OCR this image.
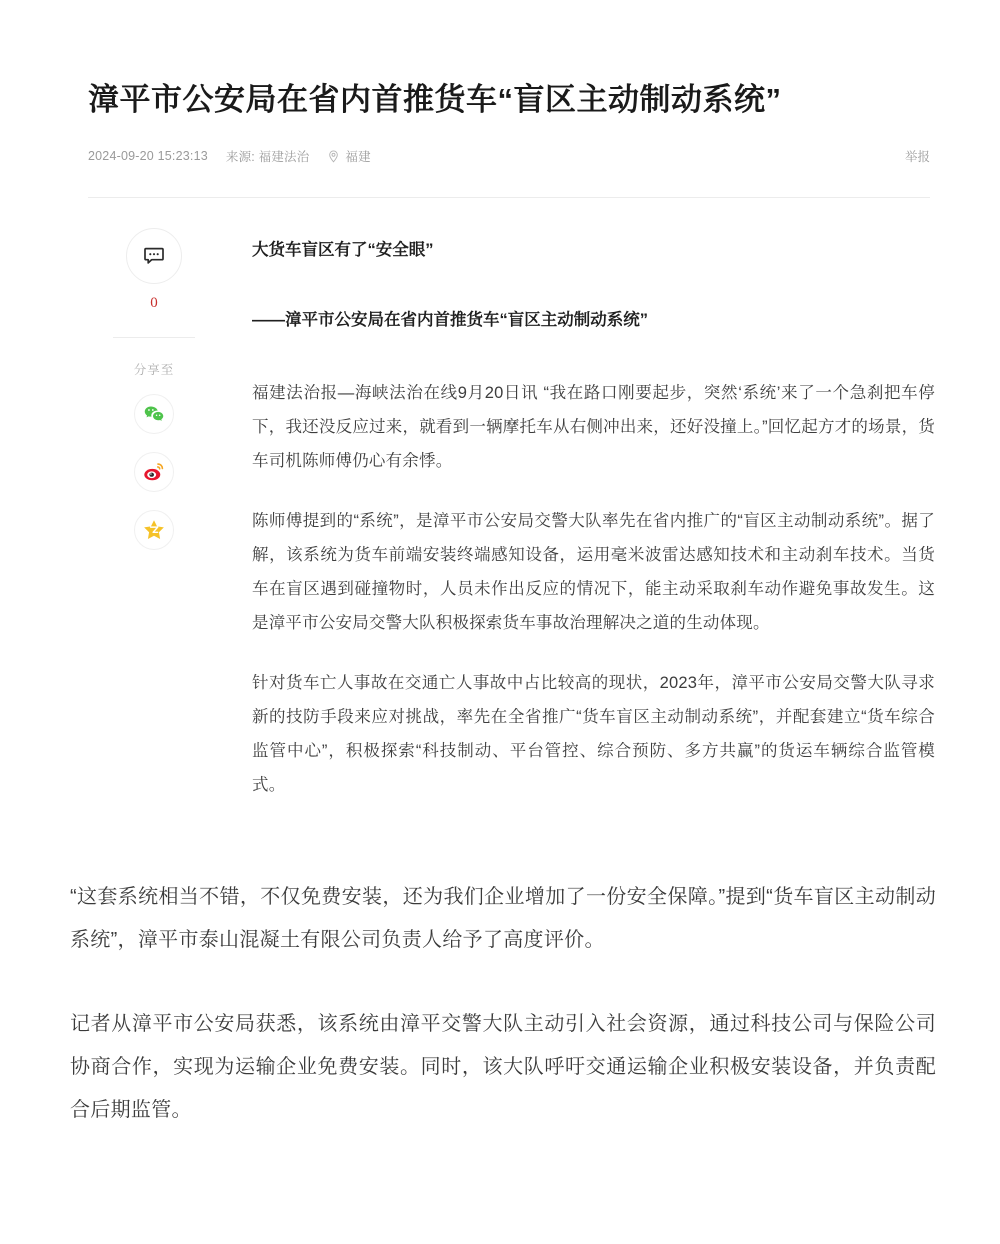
漳平市公安局在省内首推货车“盲区主动制动系统”
2024-09-20 15:23:13 来源: 福建法治	福建	举报
0
分享至

大货车盲区有了“安全眼”

——漳平市公安局在省内首推货车“盲区主动制动系统”

福建法治报—海峡法治在线9月20日讯 “我在路口刚要起步，突然‘系统’来了一个急刹把车停下，我还没反应过来，就看到一辆摩托车从右侧冲出来，还好没撞上。”回忆起方才的场景，货车司机陈师傅仍心有余悸。

陈师傅提到的“系统”，是漳平市公安局交警大队率先在省内推广的“盲区主动制动系统”。据了解，该系统为货车前端安装终端感知设备，运用毫米波雷达感知技术和主动刹车技术。当货车在盲区遇到碰撞物时，人员未作出反应的情况下，能主动采取刹车动作避免事故发生。这是漳平市公安局交警大队积极探索货车事故治理解决之道的生动体现。

针对货车亡人事故在交通亡人事故中占比较高的现状，2023年，漳平市公安局交警大队寻求新的技防手段来应对挑战，率先在全省推广“货车盲区主动制动系统”，并配套建立“货车综合监管中心”，积极探索“科技制动、平台管控、综合预防、多方共赢”的货运车辆综合监管模式。

“这套系统相当不错，不仅免费安装，还为我们企业增加了一份安全保障。”提到“货车盲区主动制动系统”，漳平市泰山混凝土有限公司负责人给予了高度评价。

记者从漳平市公安局获悉，该系统由漳平交警大队主动引入社会资源，通过科技公司与保险公司协商合作，实现为运输企业免费安装。同时，该大队呼吁交通运输企业积极安装设备，并负责配合后期监管。
